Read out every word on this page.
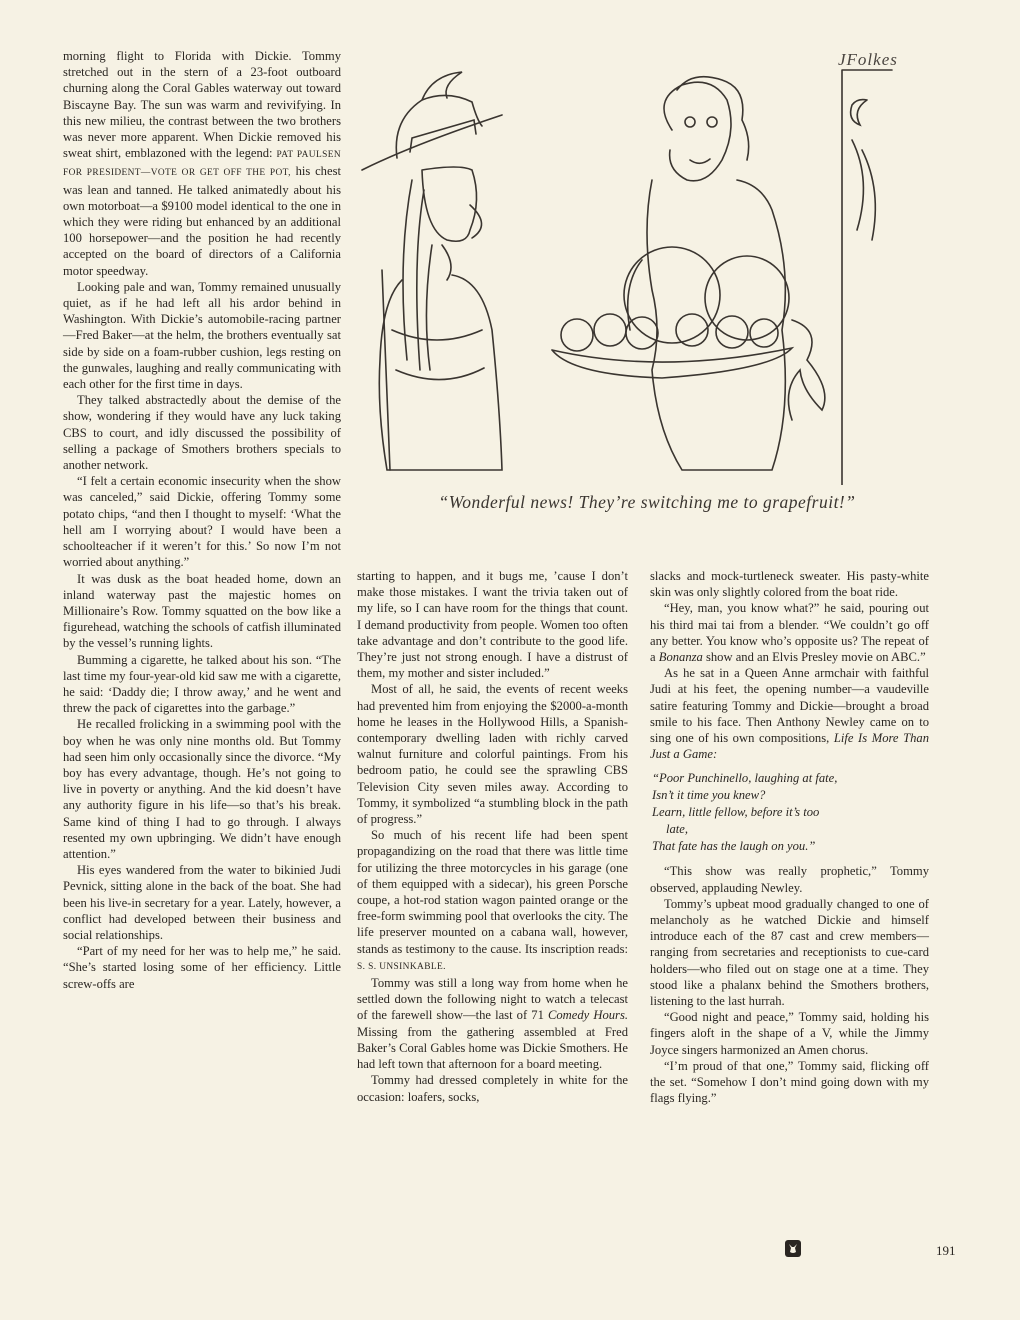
morning flight to Florida with Dickie. Tommy stretched out in the stern of a 23-foot outboard churning along the Coral Gables waterway out toward Biscayne Bay. The sun was warm and revivifying. In this new milieu, the contrast between the two brothers was never more apparent. When Dickie removed his sweat shirt, emblazoned with the legend: PAT PAULSEN FOR PRESIDENT—VOTE OR GET OFF THE POT, his chest was lean and tanned. He talked animatedly about his own motorboat—a $9100 model identical to the one in which they were riding but enhanced by an additional 100 horsepower—and the position he had recently accepted on the board of directors of a California motor speedway.

Looking pale and wan, Tommy remained unusually quiet, as if he had left all his ardor behind in Washington. With Dickie’s automobile-racing partner —Fred Baker—at the helm, the brothers eventually sat side by side on a foam-rubber cushion, legs resting on the gunwales, laughing and really communicating with each other for the first time in days.

They talked abstractedly about the demise of the show, wondering if they would have any luck taking CBS to court, and idly discussed the possibility of selling a package of Smothers brothers specials to another network.

“I felt a certain economic insecurity when the show was canceled,” said Dickie, offering Tommy some potato chips, “and then I thought to myself: ‘What the hell am I worrying about? I would have been a schoolteacher if it weren’t for this.’ So now I’m not worried about anything.”

It was dusk as the boat headed home, down an inland waterway past the majestic homes on Millionaire’s Row. Tommy squatted on the bow like a figurehead, watching the schools of catfish illuminated by the vessel’s running lights.

Bumming a cigarette, he talked about his son. “The last time my four-year-old kid saw me with a cigarette, he said: ‘Daddy die; I throw away,’ and he went and threw the pack of cigarettes into the garbage.”

He recalled frolicking in a swimming pool with the boy when he was only nine months old. But Tommy had seen him only occasionally since the divorce. “My boy has every advantage, though. He’s not going to live in poverty or anything. And the kid doesn’t have any authority figure in his life—so that’s his break. Same kind of thing I had to go through. I always resented my own upbringing. We didn’t have enough attention.”

His eyes wandered from the water to bikinied Judi Pevnick, sitting alone in the back of the boat. She had been his live-in secretary for a year. Lately, however, a conflict had developed between their business and social relationships.

“Part of my need for her was to help me,” he said. “She’s started losing some of her efficiency. Little screw-offs are

JFolkes
“Wonderful news! They’re switching me to grapefruit!”

starting to happen, and it bugs me, ’cause I don’t make those mistakes. I want the trivia taken out of my life, so I can have room for the things that count. I demand productivity from people. Women too often take advantage and don’t contribute to the good life. They’re just not strong enough. I have a distrust of them, my mother and sister included.”

Most of all, he said, the events of recent weeks had prevented him from enjoying the $2000-a-month home he leases in the Hollywood Hills, a Spanish-contemporary dwelling laden with richly carved walnut furniture and colorful paintings. From his bedroom patio, he could see the sprawling CBS Television City seven miles away. According to Tommy, it symbolized “a stumbling block in the path of progress.”

So much of his recent life had been spent propagandizing on the road that there was little time for utilizing the three motorcycles in his garage (one of them equipped with a sidecar), his green Porsche coupe, a hot-rod station wagon painted orange or the free-form swimming pool that overlooks the city. The life preserver mounted on a cabana wall, however, stands as testimony to the cause. Its inscription reads: S. S. UNSINKABLE.

Tommy was still a long way from home when he settled down the following night to watch a telecast of the farewell show—the last of 71 Comedy Hours. Missing from the gathering assembled at Fred Baker’s Coral Gables home was Dickie Smothers. He had left town that afternoon for a board meeting.

Tommy had dressed completely in white for the occasion: loafers, socks,

slacks and mock-turtleneck sweater. His pasty-white skin was only slightly colored from the boat ride.

“Hey, man, you know what?” he said, pouring out his third mai tai from a blender. “We couldn’t go off any better. You know who’s opposite us? The repeat of a Bonanza show and an Elvis Presley movie on ABC.”

As he sat in a Queen Anne armchair with faithful Judi at his feet, the opening number—a vaudeville satire featuring Tommy and Dickie—brought a broad smile to his face. Then Anthony Newley came on to sing one of his own compositions, Life Is More Than Just a Game:

“Poor Punchinello, laughing at fate,
Isn’t it time you knew?
Learn, little fellow, before it’s too
late,
That fate has the laugh on you.”

“This show was really prophetic,” Tommy observed, applauding Newley.

Tommy’s upbeat mood gradually changed to one of melancholy as he watched Dickie and himself introduce each of the 87 cast and crew members—ranging from secretaries and receptionists to cue-card holders—who filed out on stage one at a time. They stood like a phalanx behind the Smothers brothers, listening to the last hurrah.

“Good night and peace,” Tommy said, holding his fingers aloft in the shape of a V, while the Jimmy Joyce singers harmonized an Amen chorus.

“I’m proud of that one,” Tommy said, flicking off the set. “Somehow I don’t mind going down with my flags flying.”

191
